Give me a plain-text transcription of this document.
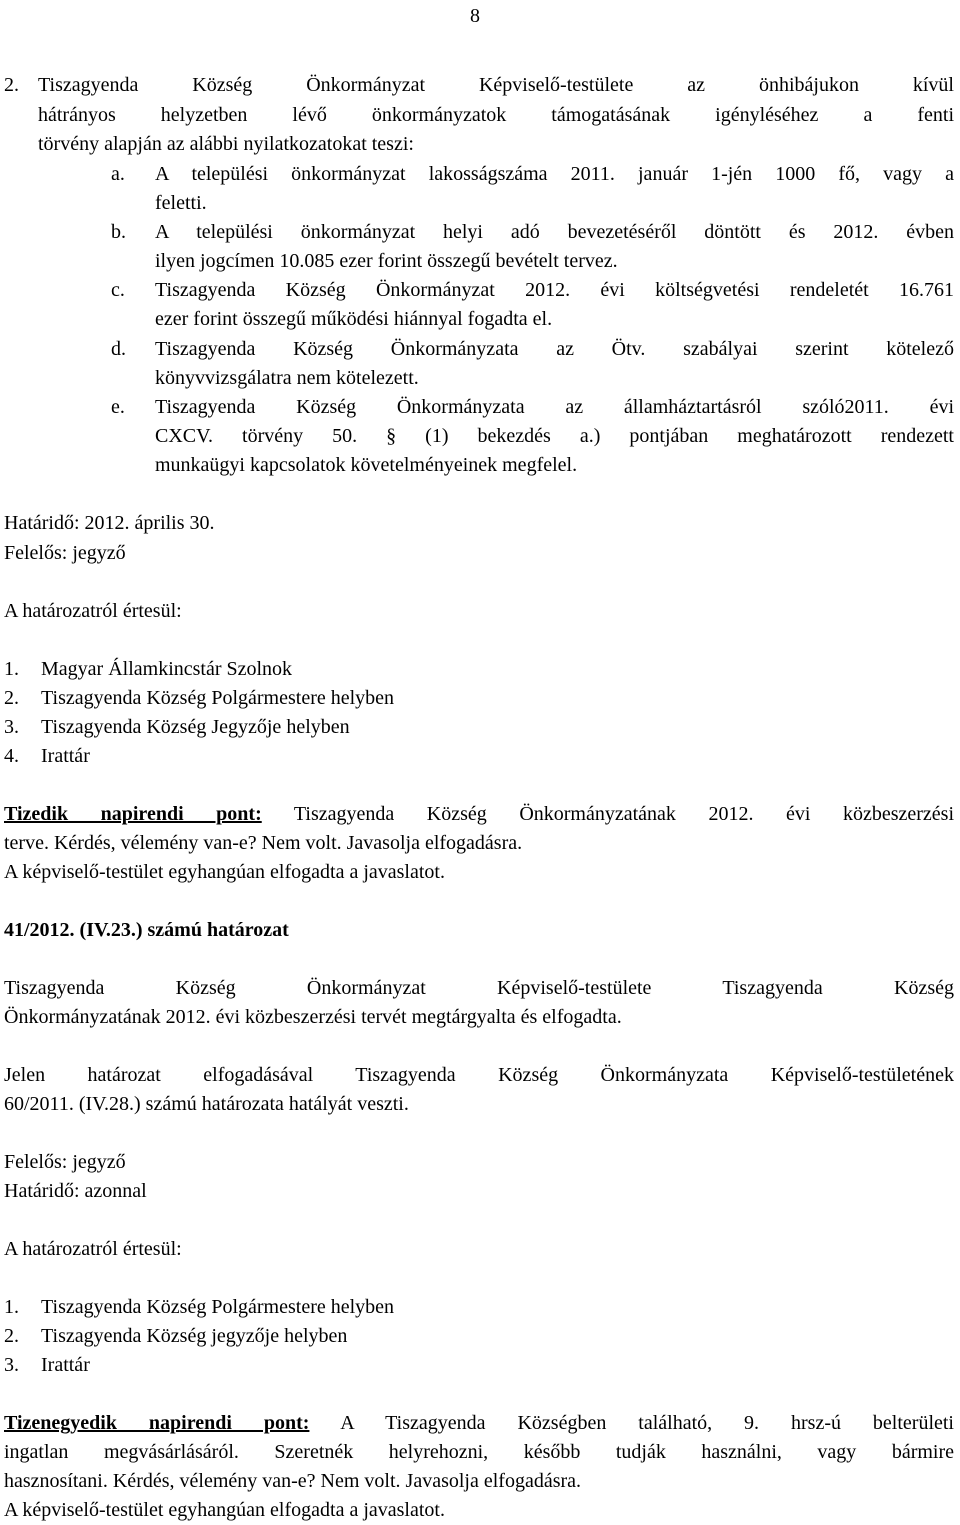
8
2. Tiszagyenda Község Önkormányzat Képviselő-testülete az önhibájukon kívül
hátrányos helyzetben lévő önkormányzatok támogatásának igényléséhez a fenti
törvény alapján az alábbi nyilatkozatokat teszi:
a. A települési önkormányzat lakosságszáma 2011. január 1-jén 1000 fő, vagy a
feletti.
b. A települési önkormányzat helyi adó bevezetéséről döntött és 2012. évben
ilyen jogcímen 10.085 ezer forint összegű bevételt tervez.
c. Tiszagyenda Község Önkormányzat 2012. évi költségvetési rendeletét 16.761
ezer forint összegű működési hiánnyal fogadta el.
d. Tiszagyenda Község Önkormányzata az Ötv. szabályai szerint kötelező
könyvvizsgálatra nem kötelezett.
e. Tiszagyenda Község Önkormányzata az államháztartásról szóló2011. évi
CXCV. törvény 50. § (1) bekezdés a.) pontjában meghatározott rendezett
munkaügyi kapcsolatok követelményeinek megfelel.
Határidő: 2012. április 30.
Felelős: jegyző
A határozatról értesül:
1. Magyar Államkincstár Szolnok
2. Tiszagyenda Község Polgármestere helyben
3. Tiszagyenda Község Jegyzője helyben
4. Irattár
Tizedik napirendi pont: Tiszagyenda Község Önkormányzatának 2012. évi közbeszerzési
terve. Kérdés, vélemény van-e? Nem volt. Javasolja elfogadásra.
A képviselő-testület egyhangúan elfogadta a javaslatot.
41/2012. (IV.23.) számú határozat
Tiszagyenda Község Önkormányzat Képviselő-testülete Tiszagyenda Község
Önkormányzatának 2012. évi közbeszerzési tervét megtárgyalta és elfogadta.
Jelen határozat elfogadásával Tiszagyenda Község Önkormányzata Képviselő-testületének
60/2011. (IV.28.) számú határozata hatályát veszti.
Felelős: jegyző
Határidő: azonnal
A határozatról értesül:
1. Tiszagyenda Község Polgármestere helyben
2. Tiszagyenda Község jegyzője helyben
3. Irattár
Tizenegyedik napirendi pont: A Tiszagyenda Községben található, 9. hrsz-ú belterületi
ingatlan megvásárlásáról. Szeretnék helyrehozni, később tudják használni, vagy bármire
hasznosítani. Kérdés, vélemény van-e? Nem volt. Javasolja elfogadásra.
A képviselő-testület egyhangúan elfogadta a javaslatot.
